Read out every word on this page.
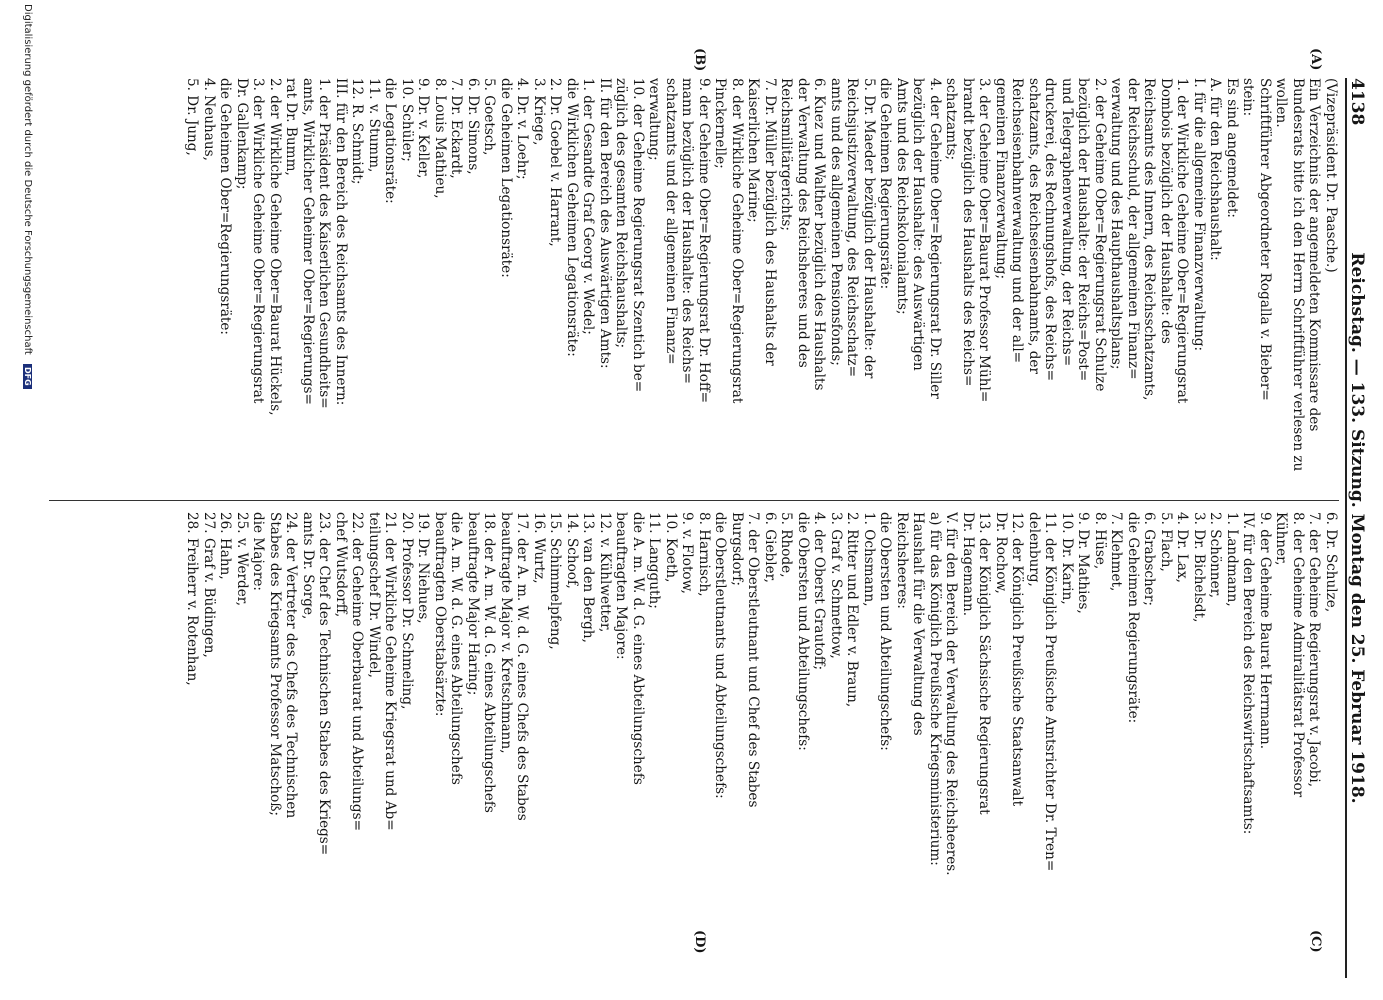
4138
Reichstag. — 133. Sitzung. Montag den 25. Februar 1918.
(Vizepräsident Dr. Paasche.)
Ein Verzeichnis der angemeldeten Kommissare des
Bundesrats bitte ich den Herrn Schriftführer verlesen zu
wollen.
Schriftführer Abgeordneter Rogalla v. Bieber=
stein:
Es sind angemeldet:
A. für den Reichshaushalt:
I. für die allgemeine Finanzverwaltung:
1. der Wirkliche Geheime Ober=Regierungsrat
Dombois bezüglich der Haushalte: des
Reichsamts des Innern, des Reichsschatzamts,
der Reichsschuld, der allgemeinen Finanz=
verwaltung und des Haupthaushaltsplans;
2. der Geheime Ober=Regierungsrat Schulze
bezüglich der Haushalte: der Reichs=Post=
und Telegraphenverwaltung, der Reichs=
druckerei, des Rechnungshofs, des Reichs=
schatzamts, des Reichseisenbahnamts, der
Reichseisenbahnverwaltung und der all=
gemeinen Finanzverwaltung;
3. der Geheime Ober=Baurat Professor Mühl=
brandt bezüglich des Haushalts des Reichs=
schatzamts;
4. der Geheime Ober=Regierungsrat Dr. Siller
bezüglich der Haushalte: des Auswärtigen
Amts und des Reichskolonialamts;
die Geheimen Regierungsräte:
5. Dr. Maeder bezüglich der Haushalte: der
Reichsjustizverwaltung, des Reichsschatz=
amts und des allgemeinen Pensionsfonds;
6. Kuez und Walther bezüglich des Haushalts
der Verwaltung des Reichsheeres und des
Reichsmilitärgerichts;
7. Dr. Müller bezüglich des Haushalts der
Kaiserlichen Marine;
8. der Wirkliche Geheime Ober=Regierungsrat
Pinckernelle;
9. der Geheime Ober=Regierungsrat Dr. Hoff=
mann bezüglich der Haushalte: des Reichs=
schatzamts und der allgemeinen Finanz=
verwaltung;
10. der Geheime Regierungsrat Szentich be=
züglich des gesamten Reichshaushalts;
II. für den Bereich des Auswärtigen Amts:
1. der Gesandte Graf Georg v. Wedel;
die Wirklichen Geheimen Legationsräte:
2. Dr. Goebel v. Harrant,
3. Kriege,
4. Dr. v. Loehr;
die Geheimen Legationsräte:
5. Goetsch,
6. Dr. Simons,
7. Dr. Eckardt,
8. Louis Mathieu,
9. Dr. v. Keller,
10. Schüler;
die Legationsräte:
11. v. Stumm,
12. R. Schmidt;
III. für den Bereich des Reichsamts des Innern:
1. der Präsident des Kaiserlichen Gesundheits=
amts, Wirklicher Geheimer Ober=Regierungs=
rat Dr. Bumm,
2. der Wirkliche Geheime Ober=Baurat Hückels,
3. der Wirkliche Geheime Ober=Regierungsrat
Dr. Gallenkamp;
die Geheimen Ober=Regierungsräte:
4. Neuhaus,
5. Dr. Jung,
6. Dr. Schulze,
7. der Geheime Regierungsrat v. Jacobi,
8. der Geheime Admiralitätsrat Professor
Kühner,
9. der Geheime Baurat Herrmann.
IV. für den Bereich des Reichswirtschaftsamts:
1. Landmann,
2. Schönner,
3. Dr. Bichelsdt,
4. Dr. Lax,
5. Flach,
6. Grabscher;
die Geheimen Regierungsräte:
7. Klehmet,
8. Hüse,
9. Dr. Mathies,
10. Dr. Karin,
11. der Königlich Preußische Amtsrichter Dr. Tren=
delenburg,
12. der Königlich Preußische Staatsanwalt
Dr. Rochow,
13. der Königlich Sächsische Regierungsrat
Dr. Hagemann.
V. für den Bereich der Verwaltung des Reichsheeres.
a) für das Königlich Preußische Kriegsministerium:
Haushalt für die Verwaltung des
Reichsheeres:
die Obersten und Abteilungschefs:
1. Ochsmann,
2. Ritter und Edler v. Braun,
3. Graf v. Schmettow,
4. der Oberst Grautoff;
die Obersten und Abteilungschefs:
5. Rhode,
6. Giebler,
7. der Oberstleutnant und Chef des Stabes
Burgsdorf;
die Oberstleutnants und Abteilungschefs:
8. Harnisch,
9. v. Flotow,
10. Koeth,
11. Langguth;
die A. m. W. d. G. eines Abteilungschefs
beauftragten Majore:
12. v. Kühlwetter,
13. van den Bergh,
14. Schoof,
15. Schimmelpfeng,
16. Wurtz,
17. der A. m. W. d. G. eines Chefs des Stabes
beauftragte Major v. Kretschmann,
18. der A. m. W. d. G. eines Abteilungschefs
beauftragte Major Haring;
die A. m. W. d. G. eines Abteilungschefs
beauftragten Oberstabsärzte:
19. Dr. Niehues,
20. Professor Dr. Schmeling,
21. der Wirkliche Geheime Kriegsrat und Ab=
teilungschef Dr. Windel,
22. der Geheime Oberbaurat und Abteilungs=
chef Wutsdorff,
23. der Chef des Technischen Stabes des Kriegs=
amts Dr. Sorge,
24. der Vertreter des Chefs des Technischen
Stabes des Kriegsamts Professor Matschoß;
die Majore:
25. v. Werder,
26. Hahn,
27. Graf v. Büdingen,
28. Freiherr v. Rotenhan,
(A)
(B)
(C)
(D)
Digitalisierung gefördert durch die Deutsche Forschungsgemeinschaft DFG
